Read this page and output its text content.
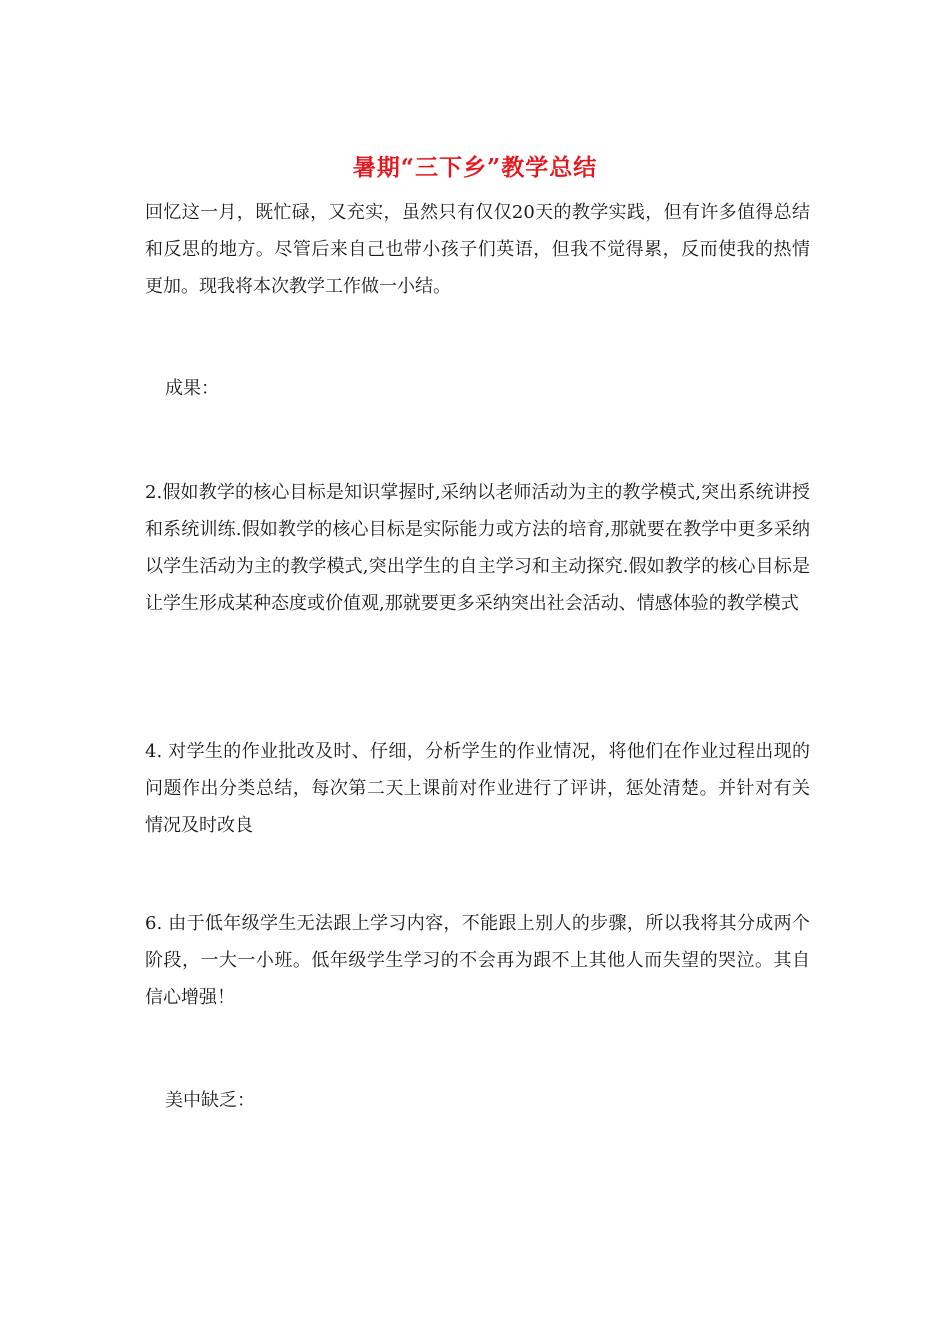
暑期“三下乡”教学总结

回忆这一月，既忙碌，又充实，虽然只有仅仅20天的教学实践，但有许多值得总结和反思的地方。尽管后来自己也带小孩子们英语，但我不觉得累，反而使我的热情更加。现我将本次教学工作做一小结。

成果：

2.假如教学的核心目标是知识掌握时,采纳以老师活动为主的教学模式,突出系统讲授和系统训练.假如教学的核心目标是实际能力或方法的培育,那就要在教学中更多采纳以学生活动为主的教学模式,突出学生的自主学习和主动探究.假如教学的核心目标是让学生形成某种态度或价值观,那就要更多采纳突出社会活动、情感体验的教学模式

4. 对学生的作业批改及时、仔细，分析学生的作业情况，将他们在作业过程出现的问题作出分类总结，每次第二天上课前对作业进行了评讲，惩处清楚。并针对有关情况及时改良

6. 由于低年级学生无法跟上学习内容，不能跟上别人的步骤，所以我将其分成两个阶段，一大一小班。低年级学生学习的不会再为跟不上其他人而失望的哭泣。其自信心增强！

美中缺乏：
